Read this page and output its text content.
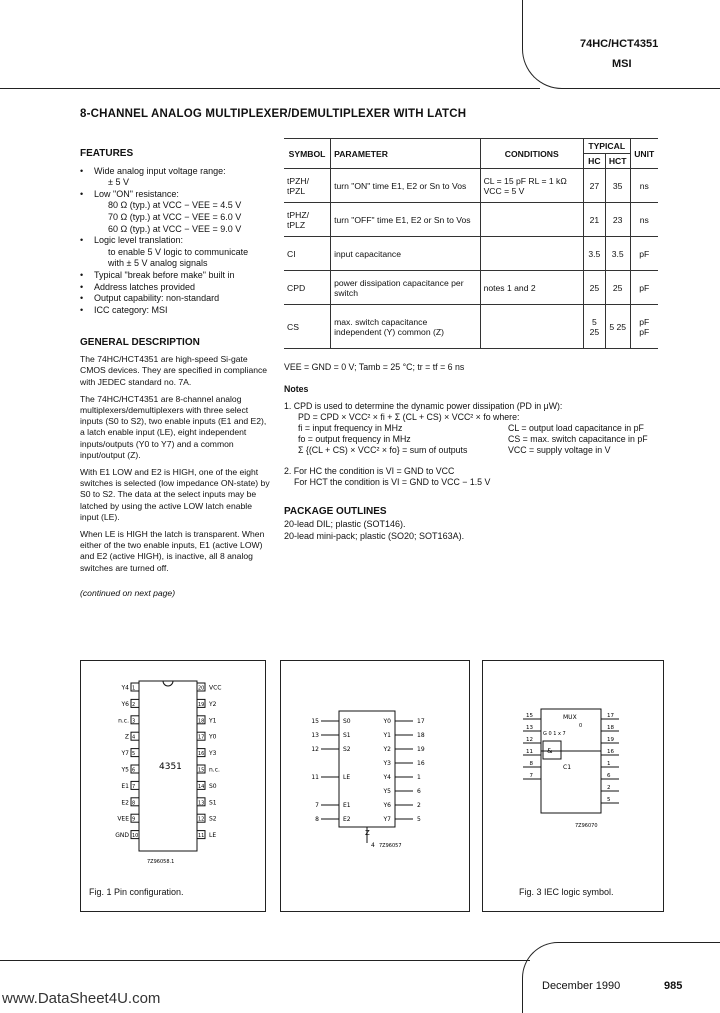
74HC/HCT4351
MSI
8-CHANNEL ANALOG MULTIPLEXER/DEMULTIPLEXER WITH LATCH
FEATURES
• Wide analog input voltage range:
± 5 V
• Low "ON" resistance:
80 Ω (typ.) at VCC − VEE = 4.5 V
70 Ω (typ.) at VCC − VEE = 6.0 V
60 Ω (typ.) at VCC − VEE = 9.0 V
• Logic level translation:
to enable 5 V logic to communicate
with ± 5 V analog signals
• Typical "break before make" built in
• Address latches provided
• Output capability: non-standard
• ICC category: MSI
GENERAL DESCRIPTION

The 74HC/HCT4351 are high-speed Si-gate CMOS devices. They are specified in compliance with JEDEC standard no. 7A.

The 74HC/HCT4351 are 8-channel analog multiplexers/demultiplexers with three select inputs (S0 to S2), two enable inputs (E1 and E2), a latch enable input (LE), eight independent inputs/outputs (Y0 to Y7) and a common input/output (Z).

With E1 LOW and E2 is HIGH, one of the eight switches is selected (low impedance ON-state) by S0 to S2. The data at the select inputs may be latched by using the active LOW latch enable input (LE).

When LE is HIGH the latch is transparent. When either of the two enable inputs, E1 (active LOW) and E2 (active HIGH), is inactive, all 8 analog switches are turned off.

(continued on next page)

SYMBOL	PARAMETER	CONDITIONS	TYPICAL		UNIT
			HC	HCT	
tPZH/ tPZL	turn "ON" time E1, E2 or Sn to Vos	CL = 15 pF RL = 1 kΩ VCC = 5 V	27	35	ns
tPHZ/ tPLZ	turn "OFF" time E1, E2 or Sn to Vos		21	23	ns
CI	input capacitance		3.5	3.5	pF
CPD	power dissipation capacitance per switch	notes 1 and 2	25	25	pF
CS	max. switch capacitance independent (Y) common (Z)		5 25	5 25	pF pF
VEE = GND = 0 V; Tamb = 25 °C; tr = tf = 6 ns
Notes
1. CPD is used to determine the dynamic power dissipation (PD in μW):
PD = CPD × VCC² × fi + Σ (CL + CS) × VCC² × fo where:
fi = input frequency in MHz	CL = output load capacitance in pF
fo = output frequency in MHz	CS = max. switch capacitance in pF
Σ {(CL + CS) × VCC² × fo} = sum of outputs	VCC = supply voltage in V
2. For HC the condition is VI = GND to VCC
For HCT the condition is VI = GND to VCC − 1.5 V
PACKAGE OUTLINES
20-lead DIL; plastic (SOT146).
20-lead mini-pack; plastic (SO20; SOT163A).
4351
1	20
Y4	VCC
2	19
Y6	Y2
3	18
n.c.	Y1
4	17
Z	Y0
5	16
Y7	Y3
6	15
Y5	n.c.
7	14
E1	S0
8	13
E2	S1
9	12
VEE	S2
10	11
GND	LE
7Z96058.1
Fig. 1 Pin configuration.
15	S0
13	S1
12	S2
11	LE
7	E1
8	E2
Y0	17
Y1	18
Y2	19
Y3	16
Y4	1
Y5	6
Y6	2
Y7	5
Z
4 7Z96057
&
MUX
0
G 0 1 x 7
C1
15
13
12
11
8
7
17
18
19
16
1
6
2
5
7Z96070
Fig. 3 IEC logic symbol.
December 1990	985
www.DataSheet4U.com
